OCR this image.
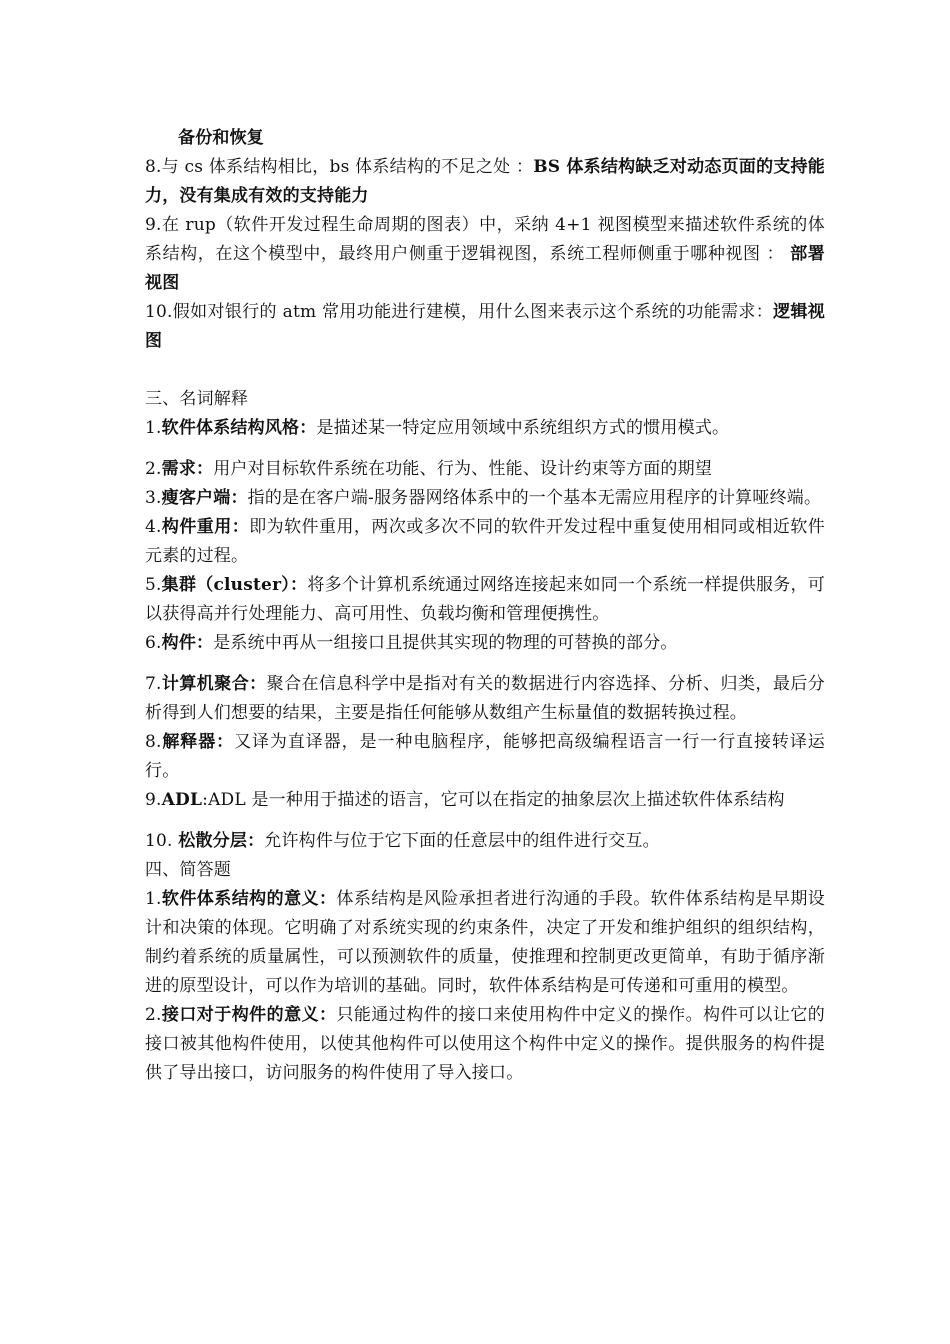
备份和恢复

8.与 cs 体系结构相比，bs 体系结构的不足之处 ：BS 体系结构缺乏对动态页面的支持能力，没有集成有效的支持能力

9.在 rup（软件开发过程生命周期的图表）中，采纳 4+1 视图模型来描述软件系统的体系结构，在这个模型中，最终用户侧重于逻辑视图，系统工程师侧重于哪种视图 ： 部署视图

10.假如对银行的 atm 常用功能进行建模，用什么图来表示这个系统的功能需求：逻辑视图

三、名词解释

1.软件体系结构风格：是描述某一特定应用领域中系统组织方式的惯用模式。

2.需求：用户对目标软件系统在功能、行为、性能、设计约束等方面的期望

3.瘦客户端：指的是在客户端-服务器网络体系中的一个基本无需应用程序的计算哑终端。

4.构件重用：即为软件重用，两次或多次不同的软件开发过程中重复使用相同或相近软件元素的过程。

5.集群（cluster）：将多个计算机系统通过网络连接起来如同一个系统一样提供服务，可以获得高并行处理能力、高可用性、负载均衡和管理便携性。

6.构件：是系统中再从一组接口且提供其实现的物理的可替换的部分。

7.计算机聚合：聚合在信息科学中是指对有关的数据进行内容选择、分析、归类，最后分析得到人们想要的结果，主要是指任何能够从数组产生标量值的数据转换过程。

8.解释器：又译为直译器，是一种电脑程序，能够把高级编程语言一行一行直接转译运行。

9.ADL:ADL 是一种用于描述的语言，它可以在指定的抽象层次上描述软件体系结构

10. 松散分层：允许构件与位于它下面的任意层中的组件进行交互。

四、简答题

1.软件体系结构的意义：体系结构是风险承担者进行沟通的手段。软件体系结构是早期设计和决策的体现。它明确了对系统实现的约束条件，决定了开发和维护组织的组织结构，制约着系统的质量属性，可以预测软件的质量，使推理和控制更改更简单，有助于循序渐进的原型设计，可以作为培训的基础。同时，软件体系结构是可传递和可重用的模型。

2.接口对于构件的意义：只能通过构件的接口来使用构件中定义的操作。构件可以让它的接口被其他构件使用，以使其他构件可以使用这个构件中定义的操作。提供服务的构件提供了导出接口，访问服务的构件使用了导入接口。
